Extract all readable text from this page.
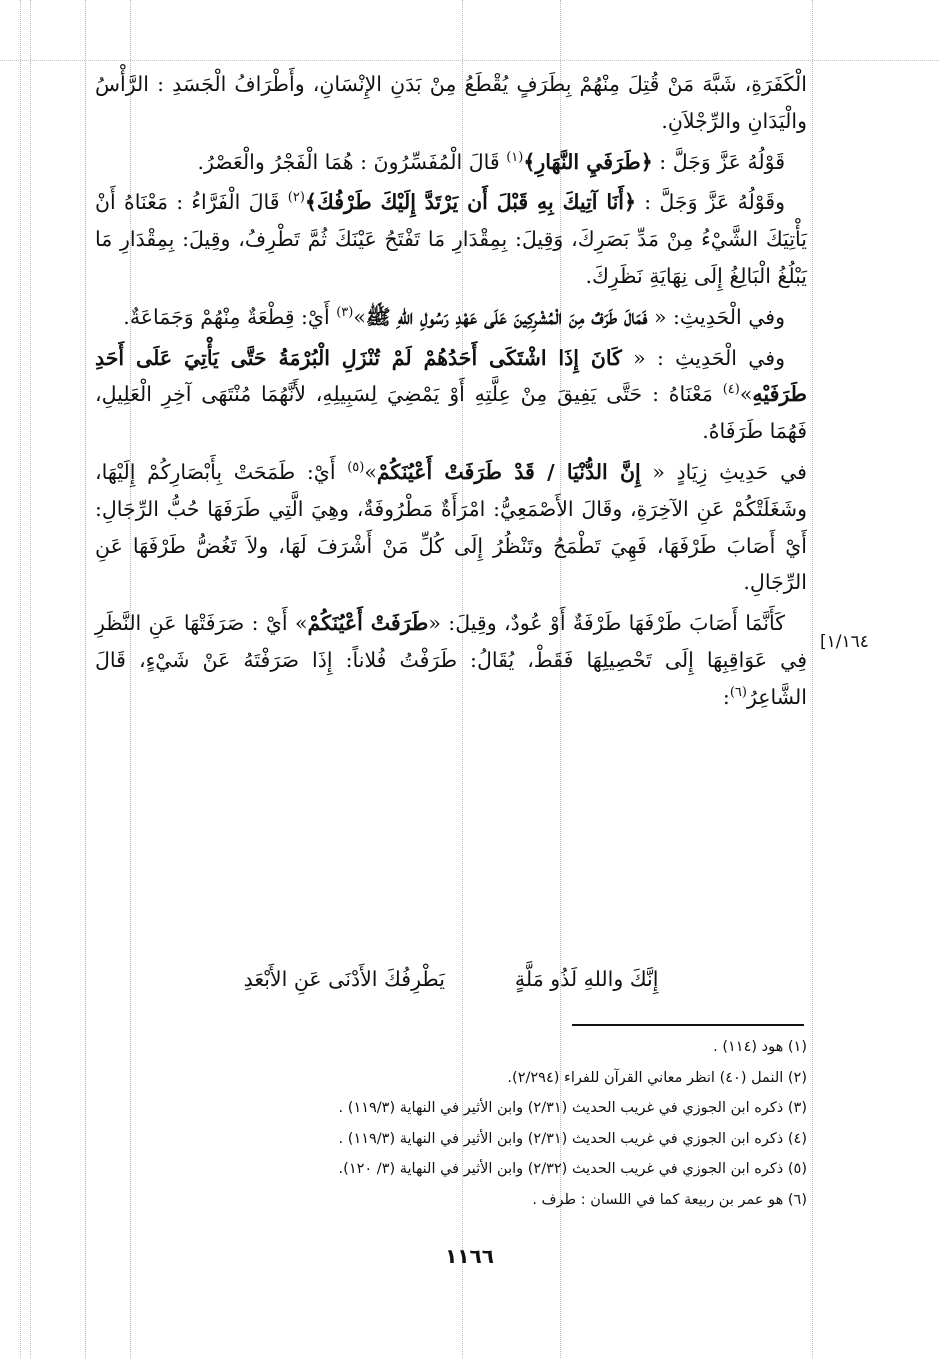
[١/١٦٤

الْكَفَرَةِ، شَبَّهَ مَنْ قُتِلَ مِنْهُمْ بِطَرَفٍ يُقْطَعُ مِنْ بَدَنِ الإِنْسَانِ، وأَطْرَافُ الْجَسَدِ : الرَّأْسُ والْيَدَانِ والرِّجْلاَنِ.

قَوْلُهُ عَزَّ وَجَلَّ : ﴿طَرَفَيِ النَّهَارِ﴾$^{(١)}$ قَالَ الْمُفَسِّرُونَ : هُمَا الْفَجْرُ والْعَصْرُ.

وقَوْلُهُ عَزَّ وَجَلَّ : ﴿أَنَا آتِيكَ بِهِ قَبْلَ أَن يَرْتَدَّ إِلَيْكَ طَرْفُكَ﴾$^{(٢)}$ قَالَ الْفَرَّاءُ : مَعْنَاهُ أَنْ يَأْتِيَكَ الشَّيْءُ مِنْ مَدِّ بَصَرِكَ، وَقِيلَ: بِمِقْدَارِ مَا تَفْتَحُ عَيْنَكَ ثُمَّ تَطْرِفُ، وقِيلَ: بِمِقْدَارِ مَا يَبْلُغُ الْبَالِغُ إِلَى نِهَايَةِ نَظَرِكَ.

وفي الْحَدِيثِ: « فَمَالَ طَرَفٌ مِنَ الْمُشْرِكِينَ عَلَى عَهْدِ رَسُولِ اللهِ ﷺ»$^{(٣)}$ أَيْ: قِطْعَةٌ مِنْهُمْ وَجَمَاعَةٌ.

وفي الْحَدِيثِ : « كَانَ إِذَا اشْتَكَى أَحَدُهُمْ لَمْ تُنْزَلِ الْبُرْمَةُ حَتَّى يَأْتِيَ عَلَى أَحَدِ طَرَفَيْهِ»$^{(٤)}$ مَعْنَاهُ : حَتَّى يَفِيقَ مِنْ عِلَّتِهِ أَوْ يَمْضِيَ لِسَبِيلِهِ، لأَنَّهُمَا مُنْتَهَى آخِرِ الْعَلِيلِ، فَهُمَا طَرَفَاهُ.

في حَدِيثِ زِيَادٍ « إِنَّ الدُّنْيَا / قَدْ طَرَفَتْ أَعْيُنَكُمْ»$^{(٥)}$ أَيْ: طَمَحَتْ بِأَبْصَارِكُمْ إِلَيْهَا، وشَغَلَتْكُمْ عَنِ الآخِرَةِ، وقَالَ الأَصْمَعِيُّ: امْرَأَةٌ مَطْرُوفَةٌ، وهِيَ الَّتِي طَرَفَهَا حُبُّ الرِّجَالِ: أَيْ أَصَابَ طَرْفَهَا، فَهِيَ تَطْمَحُ وتَنْظُرُ إِلَى كُلِّ مَنْ أَشْرَفَ لَهَا، ولاَ تَغُضُّ طَرْفَهَا عَنِ الرِّجَالِ.

كَأَنَّمَا أَصَابَ طَرْفَهَا طَرْفَةٌ أَوْ عُودٌ، وقِيلَ: «طَرَفَتْ أَعْيُنَكُمْ» أَيْ : صَرَفَتْهَا عَنِ النَّظَرِ فِي عَوَاقِبِهَا إِلَى تَحْصِيلِهَا فَقَطْ، يُقَالُ: طَرَفْتُ فُلاناً: إِذَا صَرَفْتَهُ عَنْ شَيْءٍ، قَالَ الشَّاعِرُ$^{(٦)}$:

إِنَّكَ واللهِ لَذُو مَلَّةٍ
يَطْرِفُكَ الأَدْنَى عَنِ الأَبْعَدِ
(١) هود (١١٤) .
(٢) النمل (٤٠) انظر معاني القرآن للفراء (٢/٢٩٤).
(٣) ذكره ابن الجوزي في غريب الحديث (٢/٣١) وابن الأثير في النهاية (١١٩/٣) .
(٤) ذكره ابن الجوزي في غريب الحديث (٢/٣١) وابن الأثير في النهاية (١١٩/٣) .
(٥) ذكره ابن الجوزي في غريب الحديث (٢/٣٢) وابن الأثير في النهاية (٣/ ١٢٠).
(٦) هو عمر بن ربيعة كما في اللسان : طرف .
١١٦٦
